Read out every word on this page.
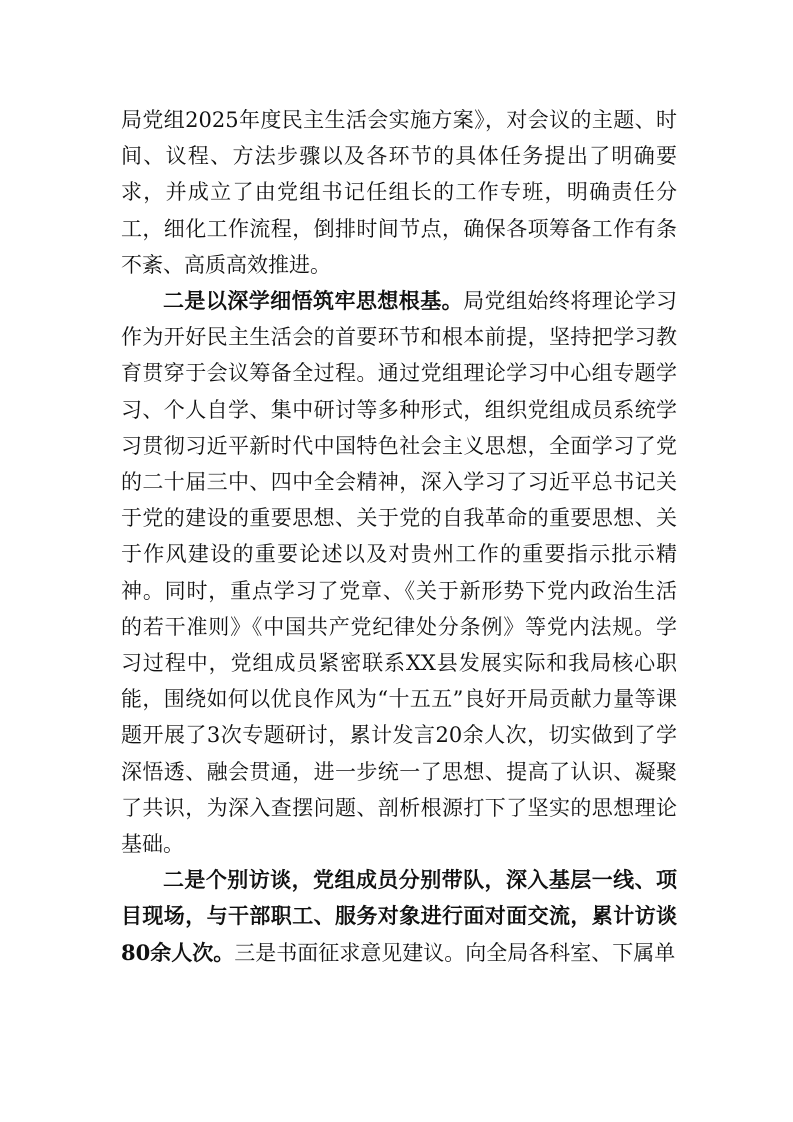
局党组2025年度民主生活会实施方案》，对会议的主题、时间、议程、方法步骤以及各环节的具体任务提出了明确要求，并成立了由党组书记任组长的工作专班，明确责任分工，细化工作流程，倒排时间节点，确保各项筹备工作有条不紊、高质高效推进。

二是以深学细悟筑牢思想根基。局党组始终将理论学习作为开好民主生活会的首要环节和根本前提，坚持把学习教育贯穿于会议筹备全过程。通过党组理论学习中心组专题学习、个人自学、集中研讨等多种形式，组织党组成员系统学习贯彻习近平新时代中国特色社会主义思想，全面学习了党的二十届三中、四中全会精神，深入学习了习近平总书记关于党的建设的重要思想、关于党的自我革命的重要思想、关于作风建设的重要论述以及对贵州工作的重要指示批示精神。同时，重点学习了党章、《关于新形势下党内政治生活的若干准则》《中国共产党纪律处分条例》等党内法规。学习过程中，党组成员紧密联系XX县发展实际和我局核心职能，围绕如何以优良作风为“十五五”良好开局贡献力量等课题开展了3次专题研讨，累计发言20余人次，切实做到了学深悟透、融会贯通，进一步统一了思想、提高了认识、凝聚了共识，为深入查摆问题、剖析根源打下了坚实的思想理论基础。

二是个别访谈，党组成员分别带队，深入基层一线、项目现场，与干部职工、服务对象进行面对面交流，累计访谈80余人次。三是书面征求意见建议。向全局各科室、下属单
